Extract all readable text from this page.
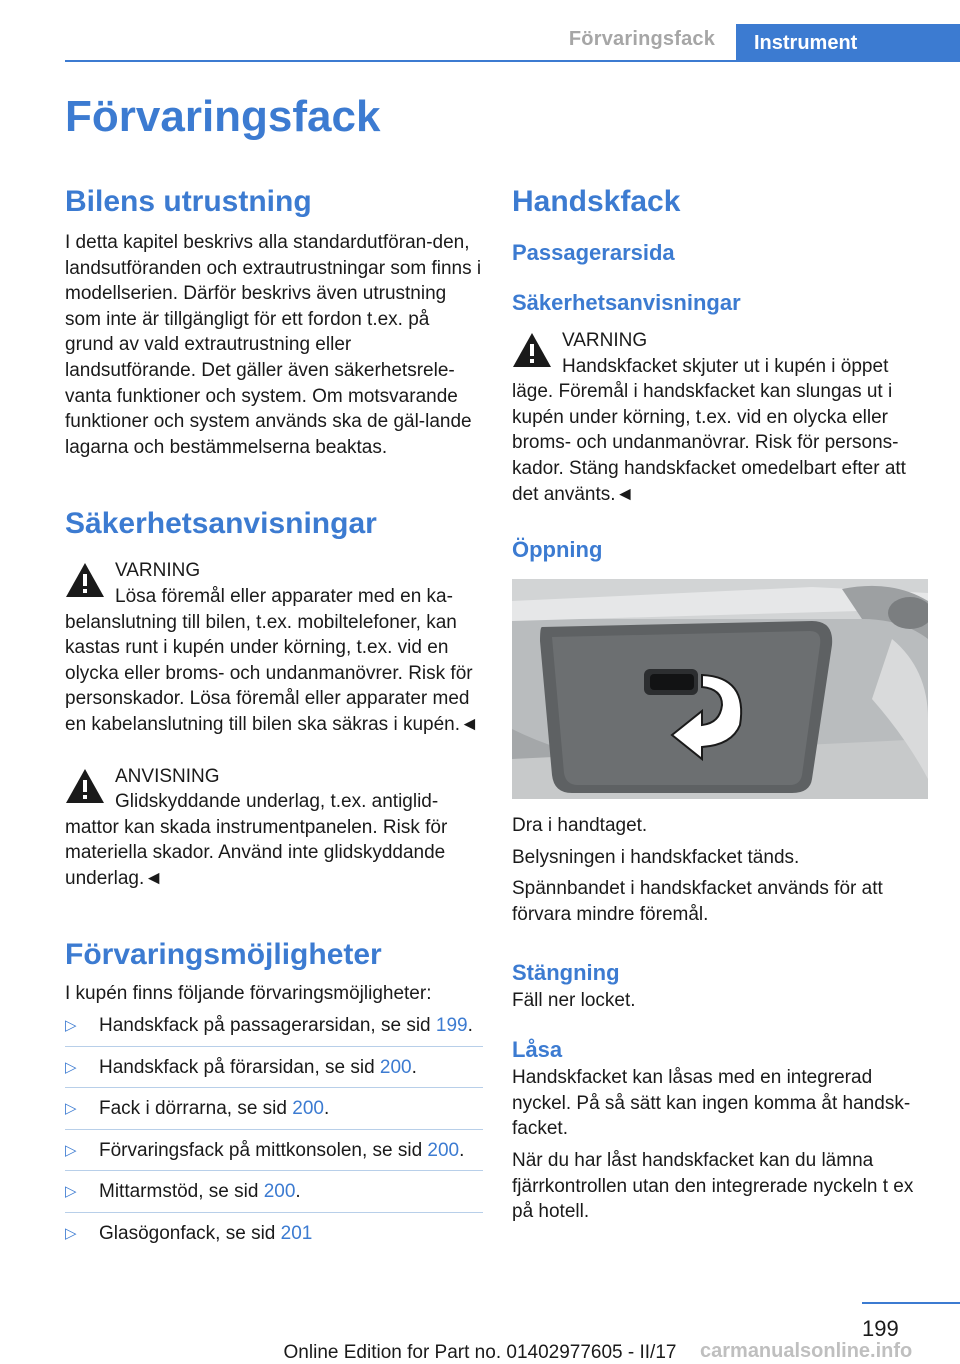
Förvaringsfack	Instrument
Förvaringsfack
Bilens utrustning

I detta kapitel beskrivs alla standardutföran-den, landsutföranden och extrautrustningar som finns i modellserien. Därför beskrivs även utrustning som inte är tillgängligt för ett fordon t.ex. på grund av vald extrautrustning eller landsutförande. Det gäller även säkerhetsrele-vanta funktioner och system. Om motsvarande funktioner och system används ska de gäl-lande lagarna och bestämmelserna beaktas.

Säkerhetsanvisningar
VARNING

Lösa föremål eller apparater med en ka-belanslutning till bilen, t.ex. mobiltelefoner, kan kastas runt i kupén under körning, t.ex. vid en olycka eller broms- och undanmanövrer. Risk för personskador. Lösa föremål eller apparater med en kabelanslutning till bilen ska säkras i kupén.◄

ANVISNING

Glidskyddande underlag, t.ex. antiglid-mattor kan skada instrumentpanelen. Risk för materiella skador. Använd inte glidskyddande underlag.◄

Förvaringsmöjligheter

I kupén finns följande förvaringsmöjligheter:

▷ Handskfack på passagerarsidan, se sid 199.
▷ Handskfack på förarsidan, se sid 200.
▷ Fack i dörrarna, se sid 200.
▷ Förvaringsfack på mittkonsolen, se sid 200.
▷ Mittarmstöd, se sid 200.
▷ Glasögonfack, se sid 201
Handskfack
Passagerarsida
Säkerhetsanvisningar
VARNING

Handskfacket skjuter ut i kupén i öppet läge. Föremål i handskfacket kan slungas ut i kupén under körning, t.ex. vid en olycka eller broms- och undanmanövrar. Risk för persons-kador. Stäng handskfacket omedelbart efter att det använts.◄

Öppning

Dra i handtaget.

Belysningen i handskfacket tänds.

Spännbandet i handskfacket används för att förvara mindre föremål.

Stängning

Fäll ner locket.

Låsa

Handskfacket kan låsas med en integrerad nyckel. På så sätt kan ingen komma åt handsk-facket.

När du har låst handskfacket kan du lämna fjärrkontrollen utan den integrerade nyckeln t ex på hotell.

199
carmanualsonline.info
Online Edition for Part no. 01402977605 - II/17
